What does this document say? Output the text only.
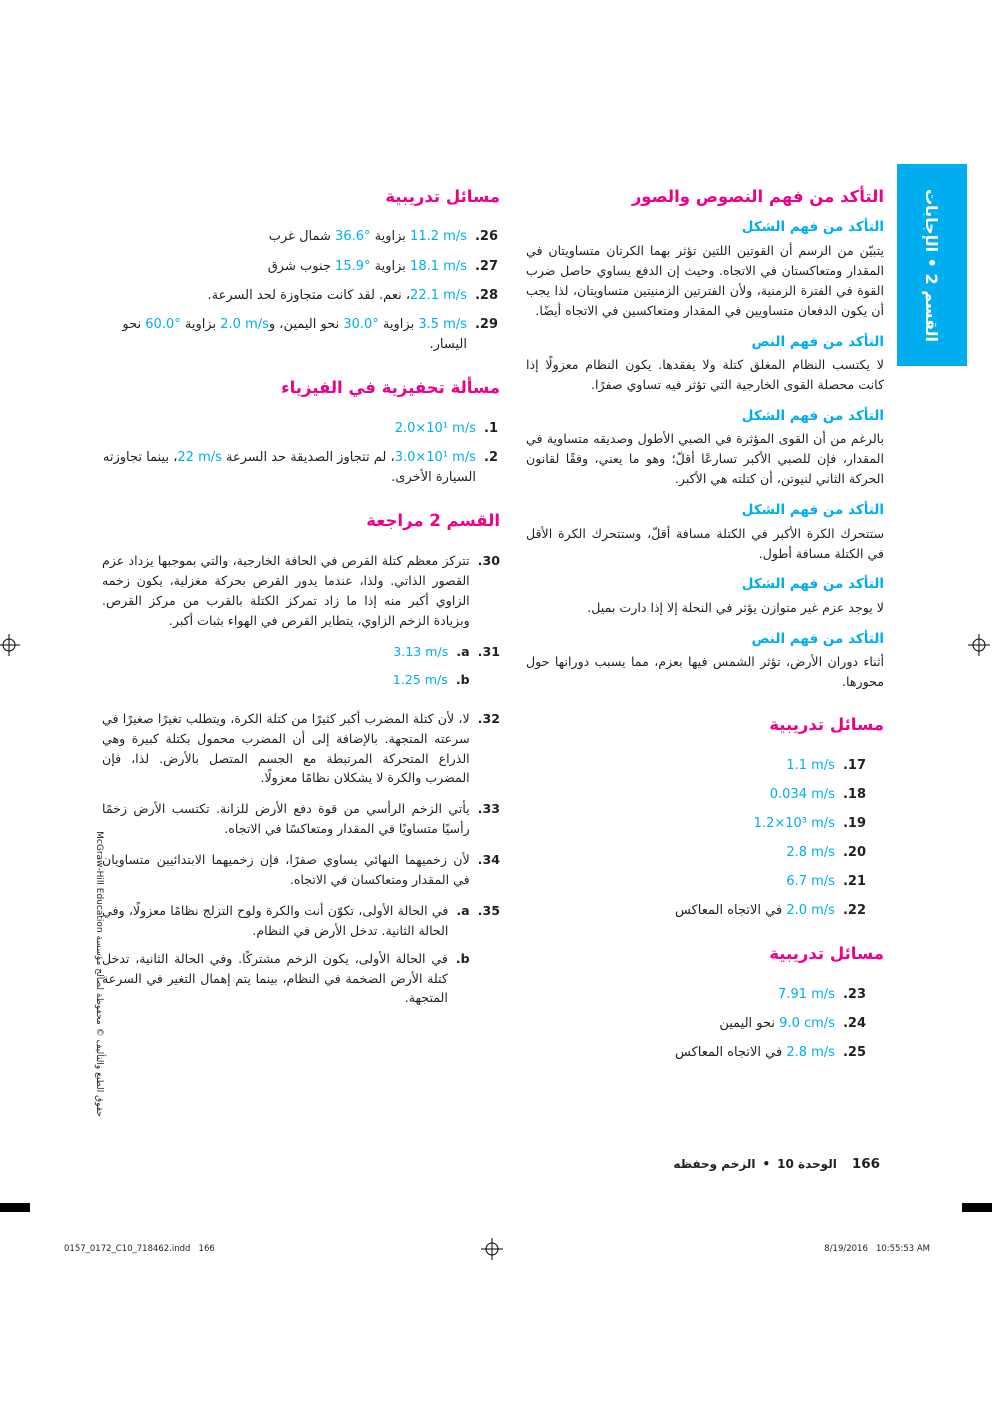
القسم 2 • الإجابات
حقوق الطبع والتأليف © محفوظة لصالح مؤسسة McGraw-Hill Education
التأكد من فهم النصوص والصور
التأكد من فهم الشكل

يتبيّن من الرسم أن القوتين اللتين تؤثر بهما الكرتان متساويتان في المقدار ومتعاكستان في الاتجاه. وحيث إن الدفع يساوي حاصل ضرب القوة في الفترة الزمنية، ولأن الفترتين الزمنيتين متساويتان، لذا يجب أن يكون الدفعان متساويين في المقدار ومتعاكسين في الاتجاه أيضًا.

التأكد من فهم النص

لا يكتسب النظام المغلق كتلة ولا يفقدها. يكون النظام معزولًا إذا كانت محصلة القوى الخارجية التي تؤثر فيه تساوي صفرًا.

التأكد من فهم الشكل

بالرغم من أن القوى المؤثرة في الصبي الأطول وصديقه متساوية في المقدار، فإن للصبي الأكبر تسارعًا أقلّ؛ وهو ما يعني، وفقًا لقانون الحركة الثاني لنيوتن، أن كتلته هي الأكبر.

التأكد من فهم الشكل

ستتحرك الكرة الأكبر في الكتلة مسافة أقلّ، وستتحرك الكرة الأقل في الكتلة مسافة أطول.

التأكد من فهم الشكل

لا يوجد عزم غير متوازن يؤثر في النحلة إلا إذا دارت بميل.

التأكد من فهم النص

أثناء دوران الأرض، تؤثر الشمس فيها بعزم، مما يسبب دورانها حول محورها.

مسائل تدريبية
17.
1.1 m/s
18.
0.034 m/s
19.
1.2×10³ m/s
20.
2.8 m/s
21.
6.7 m/s
22.
2.0 m/s في الاتجاه المعاكس
مسائل تدريبية
23.
7.91 m/s
24.
9.0 cm/s نحو اليمين
25.
2.8 m/s في الاتجاه المعاكس
مسائل تدريبية
26.
11.2 m/s بزاوية 36.6° شمال غرب
27.
18.1 m/s بزاوية 15.9° جنوب شرق
28.
22.1 m/s، نعم. لقد كانت متجاوزة لحد السرعة.
29.
3.5 m/s بزاوية 30.0° نحو اليمين، و2.0 m/s بزاوية 60.0° نحو اليسار.
مسألة تحفيزية في الفيزياء
1.
2.0×10¹ m/s
2.
3.0×10¹ m/s، لم تتجاوز الصديقة حد السرعة 22 m/s، بينما تجاوزته السيارة الأخرى.
القسم 2 مراجعة
30.
تتركز معظم كتلة القرص في الحافة الخارجية، والتي بموجبها يزداد عزم القصور الذاتي. ولذا، عندما يدور القرص بحركة مغزلية، يكون زخمه الزاوي أكبر منه إذا ما زاد تمركز الكتلة بالقرب من مركز القرص. وبزيادة الزخم الزاوي، يتطاير القرص في الهواء بثبات أكبر.
31.
a.
3.13 m/s
b.
1.25 m/s
32.
لا، لأن كتلة المضرب أكبر كثيرًا من كتلة الكرة، ويتطلب تغيرًا صغيرًا في سرعته المتجهة. بالإضافة إلى أن المضرب محمول بكتلة كبيرة وهي الذراع المتحركة المرتبطة مع الجسم المتصل بالأرض. لذا، فإن المضرب والكرة لا يشكلان نظامًا معزولًا.
33.
يأتي الزخم الرأسي من قوة دفع الأرض للزانة. تكتسب الأرض زخمًا رأسيًا متساويًا في المقدار ومتعاكسًا في الاتجاه.
34.
لأن زخميهما النهائي يساوي صفرًا، فإن زخميهما الابتدائيين متساويان في المقدار ومتعاكسان في الاتجاه.
35.
a.
في الحالة الأولى، تكوّن أنت والكرة ولوح التزلج نظامًا معزولًا، وفي الحالة الثانية. تدخل الأرض في النظام.
b.
في الحالة الأولى، يكون الزخم مشتركًا. وفي الحالة الثانية، تدخل كتلة الأرض الضخمة في النظام، بينما يتم إهمال التغير في السرعة المتجهة.
166
الوحدة 10
•
الزخم وحفظه
0157_0172_C10_718462.indd   166	8/19/2016   10:55:53 AM
